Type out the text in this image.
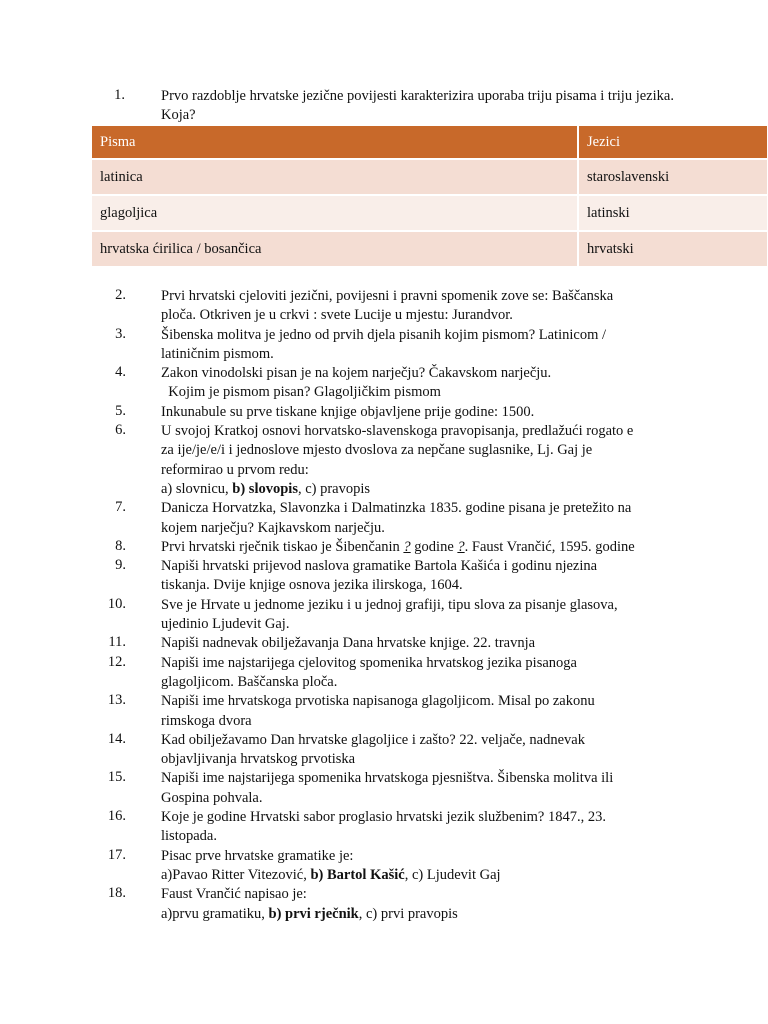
1. Prvo razdoblje hrvatske jezične povijesti karakterizira uporaba triju pisama i triju jezika. Koja?
Pisma	Jezici
latinica	staroslavenski
glagoljica	latinski
hrvatska ćirilica / bosančica	hrvatski
2.	Prvi hrvatski cjeloviti jezični, povijesni i pravni spomenik zove se: Baščanska
ploča. Otkriven je u crkvi : svete Lucije u mjestu: Jurandvor.
3.	Šibenska molitva je jedno od prvih djela pisanih kojim pismom? Latinicom /
latiničnim pismom.
4.	Zakon vinodolski pisan je na kojem narječju? Čakavskom narječju.
Kojim je pismom pisan? Glagoljičkim pismom
5.	Inkunabule su prve tiskane knjige objavljene prije godine: 1500.
6.	U svojoj Kratkoj osnovi horvatsko-slavenskoga pravopisanja, predlažući rogato e
za ije/je/e/i i jednoslove mjesto dvoslova za nepčane suglasnike, Lj. Gaj je
reformirao u prvom redu:
a) slovnicu, b) slovopis, c) pravopis
7.	Danicza Horvatzka, Slavonzka i Dalmatinzka 1835. godine pisana je pretežito na
kojem narječju? Kajkavskom narječju.
8.	Prvi hrvatski rječnik tiskao je Šibenčanin ? godine ?. Faust Vrančić, 1595. godine
9.	Napiši hrvatski prijevod naslova gramatike Bartola Kašića i godinu njezina
tiskanja. Dvije knjige osnova jezika ilirskoga, 1604.
10.	Sve je Hrvate u jednome jeziku i u jednoj grafiji, tipu slova za pisanje glasova,
ujedinio Ljudevit Gaj.
11.	Napiši nadnevak obilježavanja Dana hrvatske knjige. 22. travnja
12.	Napiši ime najstarijega cjelovitog spomenika hrvatskog jezika pisanoga
glagoljicom. Baščanska ploča.
13.	Napiši ime hrvatskoga prvotiska napisanoga glagoljicom. Misal po zakonu
rimskoga dvora
14.	Kad obilježavamo Dan hrvatske glagoljice i zašto? 22. veljače, nadnevak
objavljivanja hrvatskog prvotiska
15.	Napiši ime najstarijega spomenika hrvatskoga pjesništva. Šibenska molitva ili
Gospina pohvala.
16.	Koje je godine Hrvatski sabor proglasio hrvatski jezik službenim? 1847., 23.
listopada.
17.	Pisac prve hrvatske gramatike je:
a)Pavao Ritter Vitezović, b) Bartol Kašić, c) Ljudevit Gaj
18.	Faust Vrančić napisao je:
a)prvu gramatiku, b) prvi rječnik, c) prvi pravopis
